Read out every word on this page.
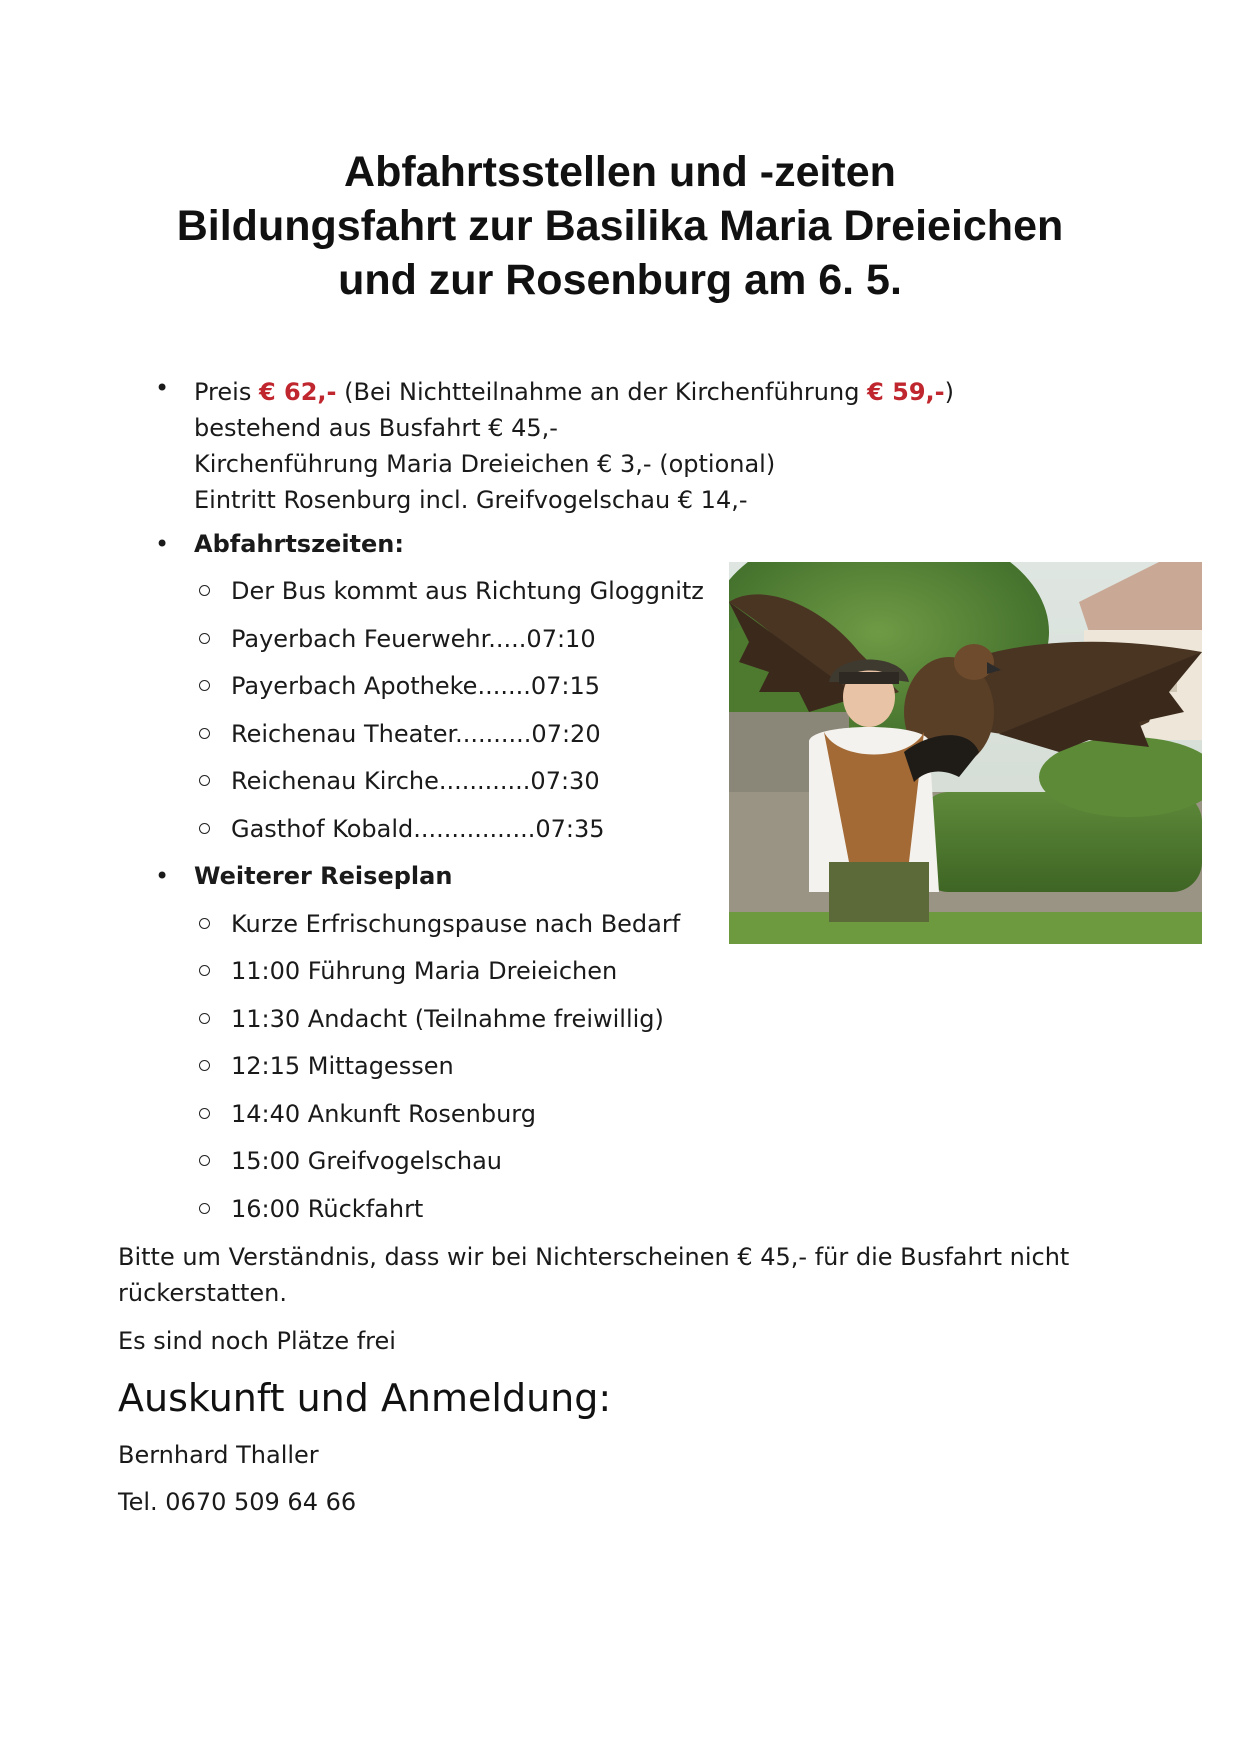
Abfahrtsstellen und -zeiten
Bildungsfahrt zur Basilika Maria Dreieichen
und zur Rosenburg am 6. 5.
• Preis € 62,- (Bei Nichtteilnahme an der Kirchenführung € 59,-)
bestehend aus Busfahrt € 45,-
Kirchenführung Maria Dreieichen € 3,- (optional)
Eintritt Rosenburg incl. Greifvogelschau € 14,-
• Abfahrtszeiten:
Der Bus kommt aus Richtung Gloggnitz
Payerbach Feuerwehr.....07:10
Payerbach Apotheke.......07:15
Reichenau Theater..........07:20
Reichenau Kirche............07:30
Gasthof Kobald................07:35
• Weiterer Reiseplan
Kurze Erfrischungspause nach Bedarf
11:00 Führung Maria Dreieichen
11:30 Andacht (Teilnahme freiwillig)
12:15 Mittagessen
14:40 Ankunft Rosenburg
15:00 Greifvogelschau
16:00 Rückfahrt
Bitte um Verständnis, dass wir bei Nichterscheinen € 45,- für die Busfahrt nicht
rückerstatten.
Es sind noch Plätze frei
Auskunft und Anmeldung:
Bernhard Thaller
Tel. 0670 509 64 66
